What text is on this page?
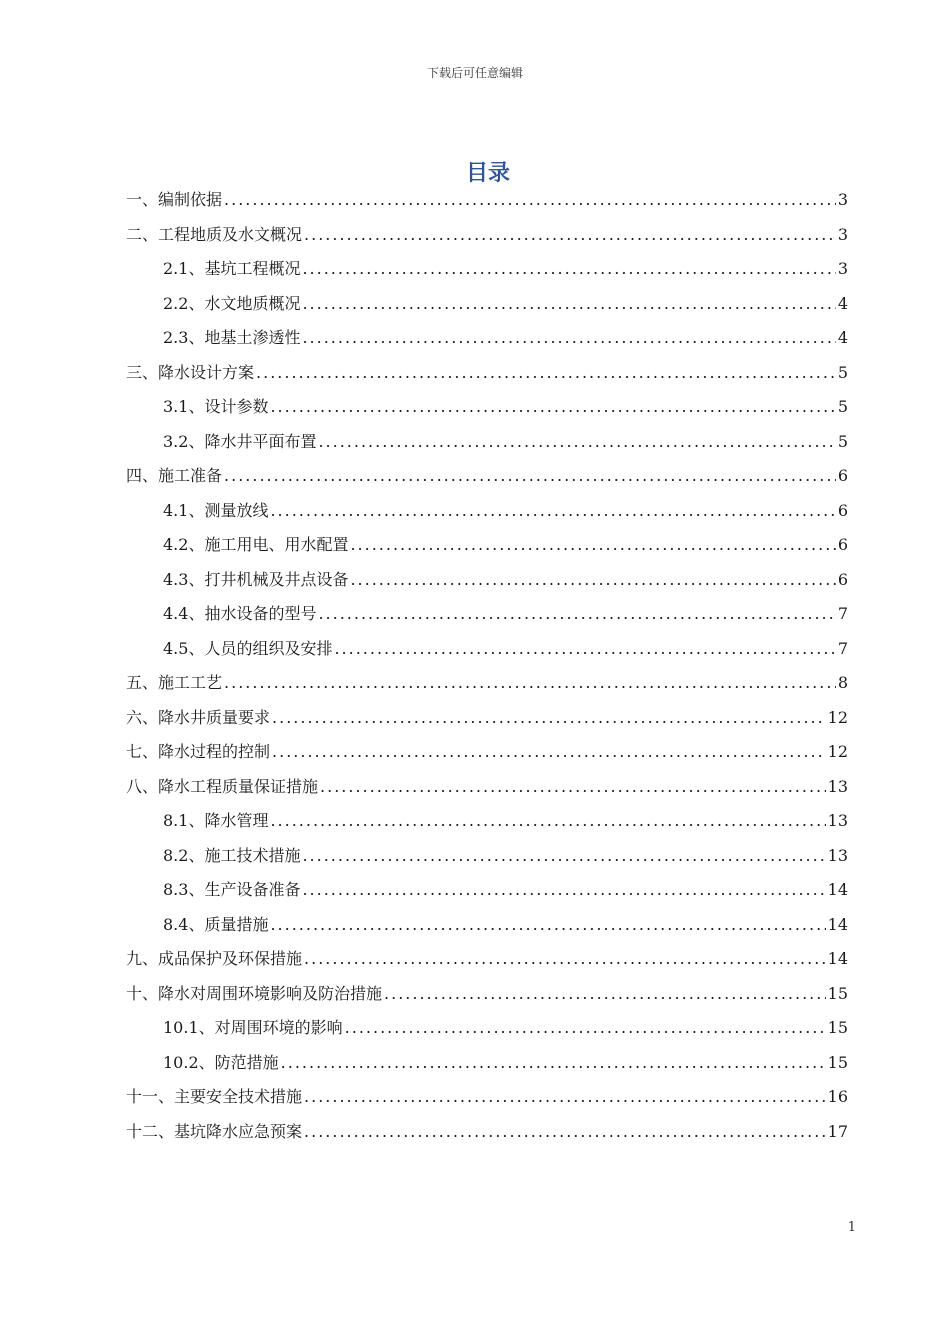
下载后可任意编辑
目录
一、编制依据 .....	3
二、工程地质及水文概况 .....	3
2.1、基坑工程概况 .....	3
2.2、水文地质概况 .....	4
2.3、地基土渗透性 .....	4
三、降水设计方案 .....	5
3.1、设计参数 .....	5
3.2、降水井平面布置 .....	5
四、施工准备 .....	6
4.1、测量放线 .....	6
4.2、施工用电、用水配置 .....	6
4.3、打井机械及井点设备 .....	6
4.4、抽水设备的型号 .....	7
4.5、人员的组织及安排 .....	7
五、施工工艺 .....	8
六、降水井质量要求 .....	12
七、降水过程的控制 .....	12
八、降水工程质量保证措施 .....	13
8.1、降水管理 .....	13
8.2、施工技术措施 .....	13
8.3、生产设备准备 .....	14
8.4、质量措施 .....	14
九、成品保护及环保措施 .....	14
十、降水对周围环境影响及防治措施 .....	15
10.1、对周围环境的影响 .....	15
10.2、防范措施 .....	15
十一、主要安全技术措施 .....	16
十二、基坑降水应急预案 .....	17
1
